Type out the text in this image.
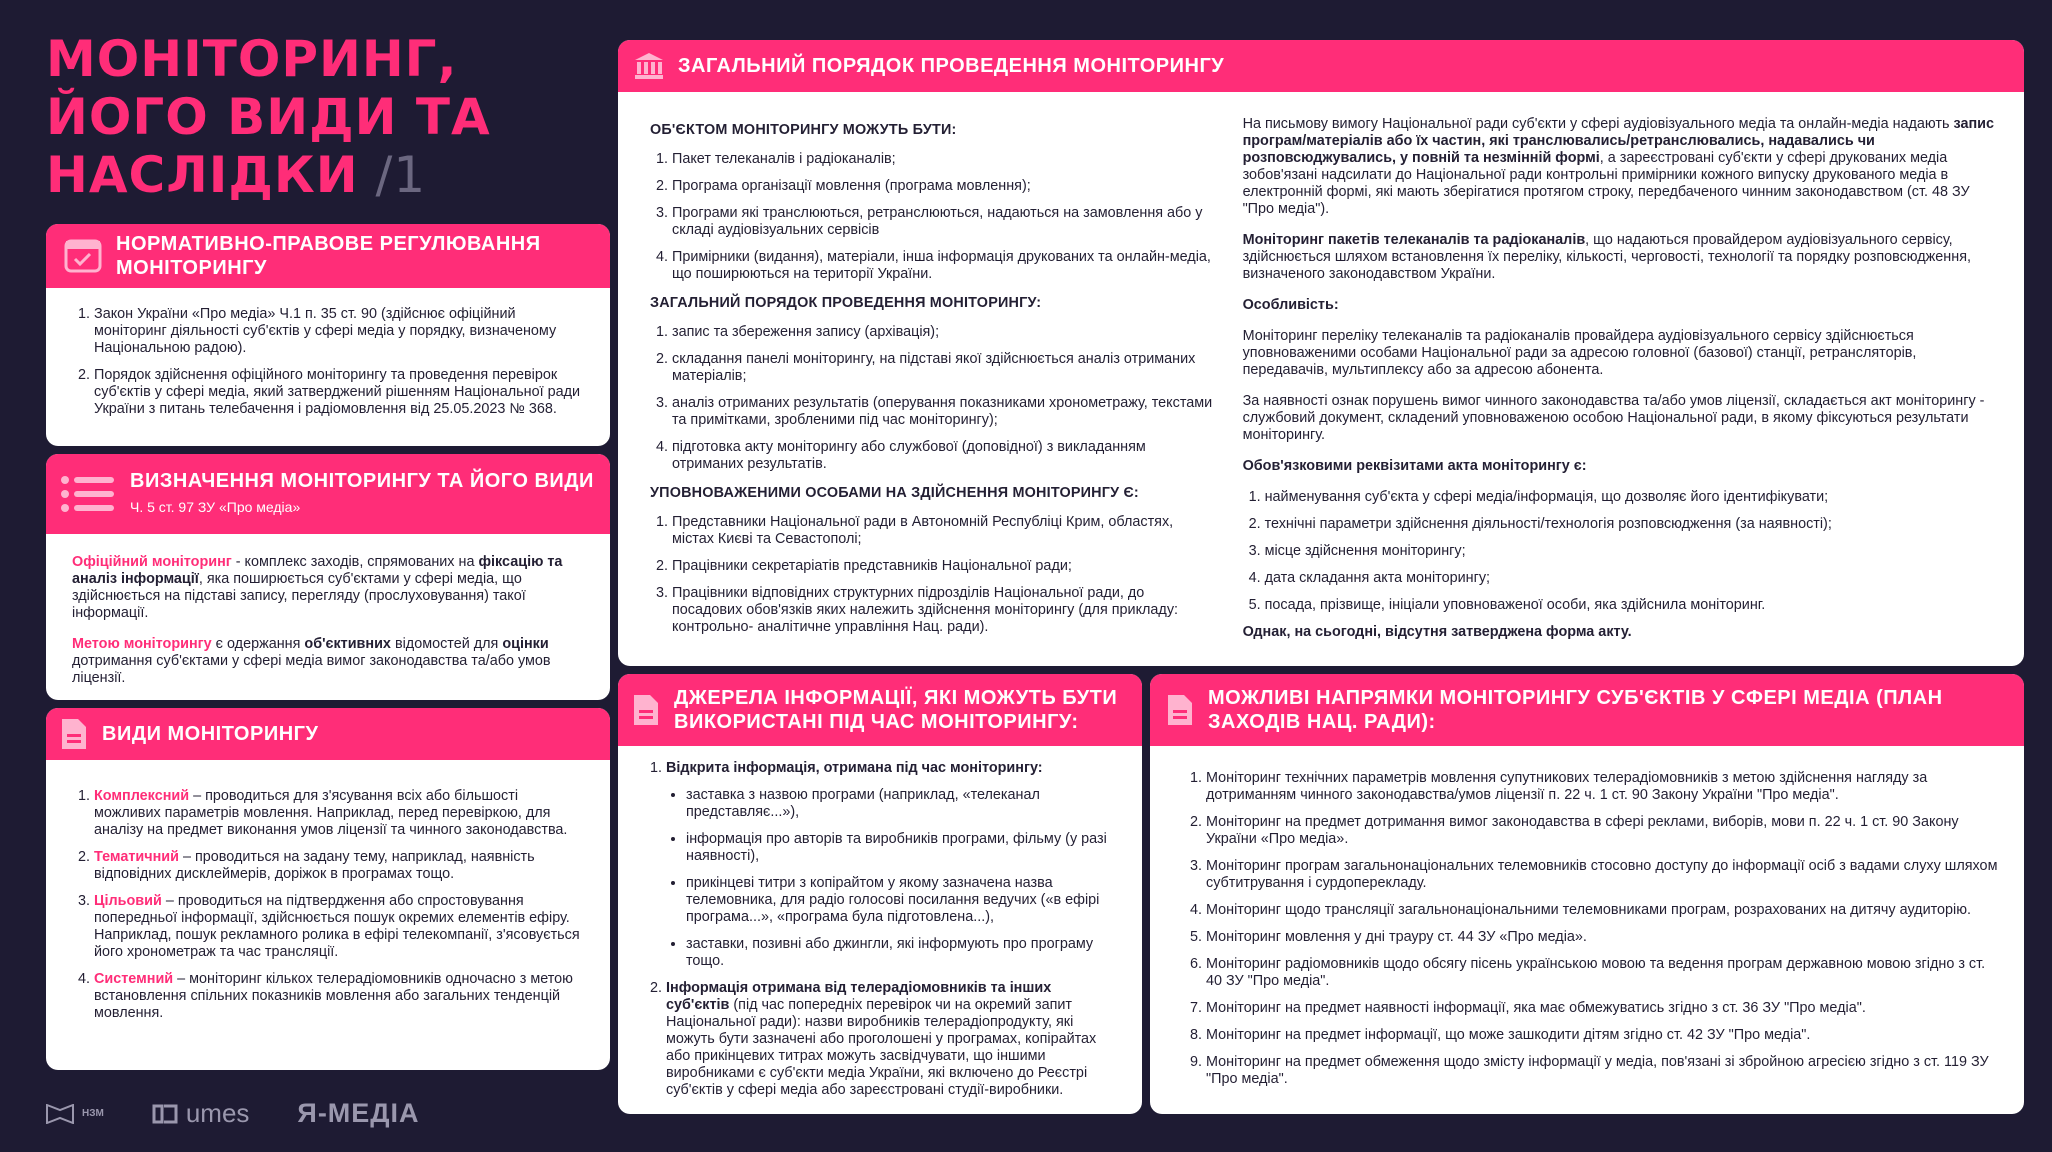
МОНІТОРИНГ,
ЙОГО ВИДИ ТА
НАСЛІДКИ /1
НОРМАТИВНО-ПРАВОВЕ РЕГУЛЮВАННЯ МОНІТОРИНГУ
1. Закон України «Про медіа» Ч.1 п. 35 ст. 90 (здійснює офіційний моніторинг діяльності суб'єктів у сфері медіа у порядку, визначеному Національною радою).
2. Порядок здійснення офіційного моніторингу та проведення перевірок суб'єктів у сфері медіа, який затверджений рішенням Національної ради України з питань телебачення і радіомовлення від 25.05.2023 № 368.
ВИЗНАЧЕННЯ МОНІТОРИНГУ ТА ЙОГО ВИДИ
Ч. 5 ст. 97 ЗУ «Про медіа»

Офіційний моніторинг - комплекс заходів, спрямованих на фіксацію та аналіз інформації, яка поширюється суб'єктами у сфері медіа, що здійснюється на підставі запису, перегляду (прослуховування) такої інформації.

Метою моніторингу є одержання об'єктивних відомостей для оцінки дотримання суб'єктами у сфері медіа вимог законодавства та/або умов ліцензії.

ВИДИ МОНІТОРИНГУ
1. Комплексний – проводиться для з'ясування всіх або більшості можливих параметрів мовлення. Наприклад, перед перевіркою, для аналізу на предмет виконання умов ліцензії та чинного законодавства.
2. Тематичний – проводиться на задану тему, наприклад, наявність відповідних дисклеймерів, доріжок в програмах тощо.
3. Цільовий – проводиться на підтвердження або спростовування попередньої інформації, здійснюється пошук окремих елементів ефіру. Наприклад, пошук рекламного ролика в ефірі телекомпанії, з'ясовується його хронометраж та час трансляції.
4. Системний – моніторинг кількох телерадіомовників одночасно з метою встановлення спільних показників мовлення або загальних тенденцій мовлення.
ЗАГАЛЬНИЙ ПОРЯДОК ПРОВЕДЕННЯ МОНІТОРИНГУ
ОБ'ЄКТОМ МОНІТОРИНГУ МОЖУТЬ БУТИ:
1. Пакет телеканалів і радіоканалів;
2. Програма організації мовлення (програма мовлення);
3. Програми які транслюються, ретранслюються, надаються на замовлення або у складі аудіовізуальних сервісів
4. Примірники (видання), матеріали, інша інформація друкованих та онлайн-медіа, що поширюються на території України.
ЗАГАЛЬНИЙ ПОРЯДОК ПРОВЕДЕННЯ МОНІТОРИНГУ:
1. запис та збереження запису (архівація);
2. складання панелі моніторингу, на підставі якої здійснюється аналіз отриманих матеріалів;
3. аналіз отриманих результатів (оперування показниками хронометражу, текстами та примітками, зробленими під час моніторингу);
4. підготовка акту моніторингу або службової (доповідної) з викладанням отриманих результатів.
УПОВНОВАЖЕНИМИ ОСОБАМИ НА ЗДІЙСНЕННЯ МОНІТОРИНГУ Є:
1. Представники Національної ради в Автономній Республіці Крим, областях, містах Києві та Севастополі;
2. Працівники секретаріатів представників Національної ради;
3. Працівники відповідних структурних підрозділів Національної ради, до посадових обов'язків яких належить здійснення моніторингу (для прикладу: контрольно- аналітичне управління Нац. ради).

На письмову вимогу Національної ради суб'єкти у сфері аудіовізуального медіа та онлайн-медіа надають запис програм/матеріалів або їх частин, які транслювались/ретранслювались, надавались чи розповсюджувались, у повній та незмінній формі, а зареєстровані суб'єкти у сфері друкованих медіа зобов'язані надсилати до Національної ради контрольні примірники кожного випуску друкованого медіа в електронній формі, які мають зберігатися протягом строку, передбаченого чинним законодавством (ст. 48 ЗУ "Про медіа").

Моніторинг пакетів телеканалів та радіоканалів, що надаються провайдером аудіовізуального сервісу, здійснюється шляхом встановлення їх переліку, кількості, черговості, технології та порядку розповсюдження, визначеного законодавством України.

Особливість:

Моніторинг переліку телеканалів та радіоканалів провайдера аудіовізуального сервісу здійснюється уповноваженими особами Національної ради за адресою головної (базової) станції, ретрансляторів, передавачів, мультиплексу або за адресою абонента.

За наявності ознак порушень вимог чинного законодавства та/або умов ліцензії, складається акт моніторингу - службовий документ, складений уповноваженою особою Національної ради, в якому фіксуються результати моніторингу.

Обов'язковими реквізитами акта моніторингу є:

1. найменування суб'єкта у сфері медіа/інформація, що дозволяє його ідентифікувати;
2. технічні параметри здійснення діяльності/технологія розповсюдження (за наявності);
3. місце здійснення моніторингу;
4. дата складання акта моніторингу;
5. посада, прізвище, ініціали уповноваженої особи, яка здійснила моніторинг.

Однак, на сьогодні, відсутня затверджена форма акту.

ДЖЕРЕЛА ІНФОРМАЦІЇ, ЯКІ МОЖУТЬ БУТИ ВИКОРИСТАНІ ПІД ЧАС МОНІТОРИНГУ:
1. Відкрита інформація, отримана під час моніторингу:
• заставка з назвою програми (наприклад, «телеканал представляє...»),
• інформація про авторів та виробників програми, фільму (у разі наявності),
• прикінцеві титри з копірайтом у якому зазначена назва телемовника, для радіо голосові посилання ведучих («в ефірі програма...», «програма була підготовлена...),
• заставки, позивні або джингли, які інформують про програму тощо.
2. Інформація отримана від телерадіомовників та інших суб'єктів (під час попередніх перевірок чи на окремий запит Національної ради): назви виробників телерадіопродукту, які можуть бути зазначені або проголошені у програмах, копірайтах або прикінцевих титрах можуть засвідчувати, що іншими виробниками є суб'єкти медіа України, які включено до Реєстрі суб'єктів у сфері медіа або зареєстровані студії-виробники.
МОЖЛИВІ НАПРЯМКИ МОНІТОРИНГУ СУБ'ЄКТІВ У СФЕРІ МЕДІА (ПЛАН ЗАХОДІВ НАЦ. РАДИ):
1. Моніторинг технічних параметрів мовлення супутникових телерадіомовників з метою здійснення нагляду за дотриманням чинного законодавства/умов ліцензії п. 22 ч. 1 ст. 90 Закону України "Про медіа".
2. Моніторинг на предмет дотримання вимог законодавства в сфері реклами, виборів, мови п. 22 ч. 1 ст. 90 Закону України «Про медіа».
3. Моніторинг програм загальнонаціональних телемовників стосовно доступу до інформації осіб з вадами слуху шляхом субтитрування і сурдоперекладу.
4. Моніторинг щодо трансляції загальнонаціональними телемовниками програм, розрахованих на дитячу аудиторію.
5. Моніторинг мовлення у дні трауру ст. 44 ЗУ «Про медіа».
6. Моніторинг радіомовників щодо обсягу пісень українською мовою та ведення програм державною мовою згідно з ст. 40 ЗУ "Про медіа".
7. Моніторинг на предмет наявності інформації, яка має обмежуватись згідно з ст. 36 ЗУ "Про медіа".
8. Моніторинг на предмет інформації, що може зашкодити дітям згідно ст. 42 ЗУ "Про медіа".
9. Моніторинг на предмет обмеження щодо змісту інформації у медіа, пов'язані зі збройною агресією згідно з ст. 119 ЗУ "Про медіа".
НЗМ	umes Я-МЕДІА
